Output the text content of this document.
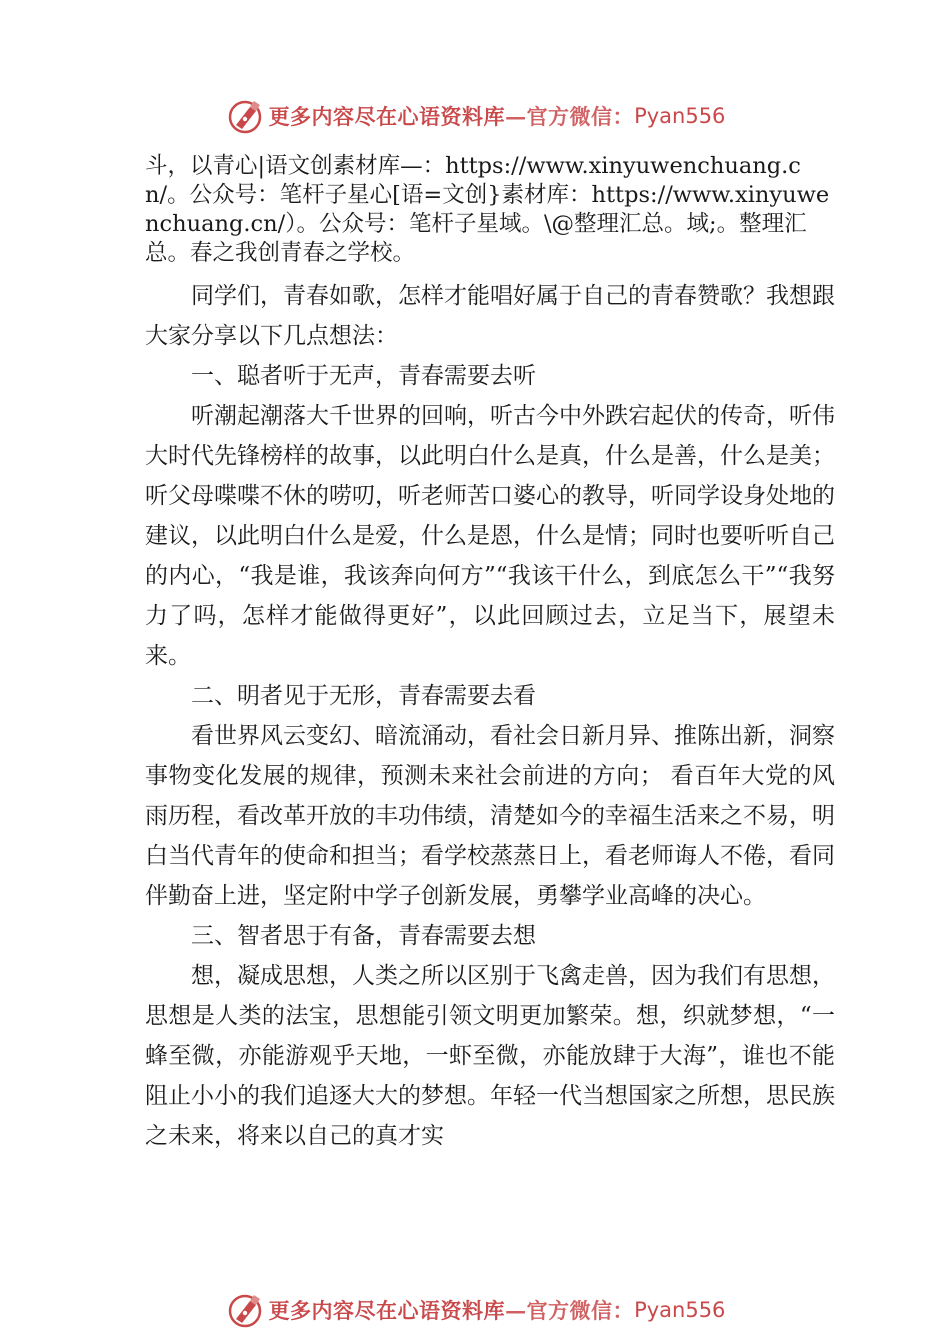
更多内容尽在心语资料库 — 官方微信： Pyan556

斗，以青心|语文创素材库—：https://www.xinyuwenchuang.cn/。公众号：笔杆子星心[语=文创}素材库：https://www.xinyuwenchuang.cn/）。公众号：笔杆子星域。\@整理汇总。域;。整理汇总。春之我创青春之学校。

同学们，青春如歌，怎样才能唱好属于自己的青春赞歌？我想跟大家分享以下几点想法：

一、聪者听于无声，青春需要去听

听潮起潮落大千世界的回响，听古今中外跌宕起伏的传奇，听伟大时代先锋榜样的故事，以此明白什么是真，什么是善，什么是美；听父母喋喋不休的唠叨，听老师苦口婆心的教导，听同学设身处地的建议，以此明白什么是爱，什么是恩，什么是情；同时也要听听自己的内心，“我是谁，我该奔向何方”“我该干什么，到底怎么干”“我努力了吗，怎样才能做得更好”，以此回顾过去，立足当下，展望未来。

二、明者见于无形，青春需要去看

看世界风云变幻、暗流涌动，看社会日新月异、推陈出新，洞察事物变化发展的规律，预测未来社会前进的方向； 看百年大党的风雨历程，看改革开放的丰功伟绩，清楚如今的幸福生活来之不易，明白当代青年的使命和担当；看学校蒸蒸日上，看老师诲人不倦，看同伴勤奋上进，坚定附中学子创新发展，勇攀学业高峰的决心。

三、智者思于有备，青春需要去想

想，凝成思想，人类之所以区别于飞禽走兽，因为我们有思想，思想是人类的法宝，思想能引领文明更加繁荣。想，织就梦想，“一蜂至微，亦能游观乎天地，一虾至微，亦能放肆于大海”，谁也不能阻止小小的我们追逐大大的梦想。年轻一代当想国家之所想，思民族之未来，将来以自己的真才实

更多内容尽在心语资料库 — 官方微信： Pyan556
